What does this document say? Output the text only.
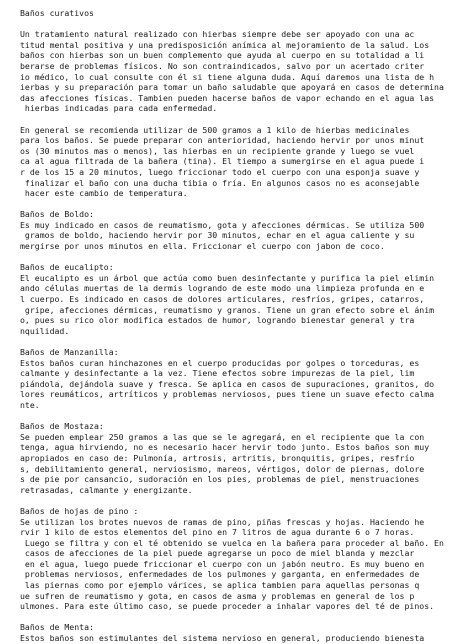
Baños curativos
Un tratamiento natural realizado con hierbas siempre debe ser apoyado con una ac
titud mental positiva y una predisposición anímica al mejoramiento de la salud. Los
baños con hierbas son un buen complemento que ayuda al cuerpo en su totalidad a li
berarse de problemas físicos. No son contraindicados, salvo por un acertado criter
io médico, lo cual consulte con él si tiene alguna duda. Aquí daremos una lista de h
ierbas y su preparación para tomar un baño saludable que apoyará en casos de determina
das afecciones físicas. Tambien pueden hacerse baños de vapor echando en el agua las
hierbas indicadas para cada enfermedad.
En general se recomienda utilizar de 500 gramos a 1 kilo de hierbas medicinales
para los baños. Se puede preparar con anterioridad, haciendo hervir por unos minut
os (30 minutos mas o menos), las hierbas en un recipiente grande y luego se vuel
ca al agua filtrada de la bañera (tina). El tiempo a sumergirse en el agua puede i
r de los 15 a 20 minutos, luego friccionar todo el cuerpo con una esponja suave y
finalizar el baño con una ducha tibia o fría. En algunos casos no es aconsejable
hacer este cambio de temperatura.
Baños de Boldo:
Es muy indicado en casos de reumatismo, gota y afecciones dérmicas. Se utiliza 500
gramos de boldo, haciendo hervir por 30 minutos, echar en el agua caliente y su
mergirse por unos minutos en ella. Friccionar el cuerpo con jabon de coco.
Baños de eucalipto:
El eucalipto es un árbol que actúa como buen desinfectante y purifica la piel elimin
ando células muertas de la dermis logrando de este modo una limpieza profunda en e
l cuerpo. Es indicado en casos de dolores articulares, resfríos, gripes, catarros,
gripe, afecciones dérmicas, reumatismo y granos. Tiene un gran efecto sobre el ánim
o, pues su rico olor modifica estados de humor, logrando bienestar general y tra
nquilidad.
Baños de Manzanilla:
Estos baños curan hinchazones en el cuerpo producidas por golpes o torceduras, es
calmante y desinfectante a la vez. Tiene efectos sobre impurezas de la piel, lim
piándola, dejándola suave y fresca. Se aplica en casos de supuraciones, granitos, do
lores reumáticos, artríticos y problemas nerviosos, pues tiene un suave efecto calma
nte.
Baños de Mostaza:
Se pueden emplear 250 gramos a las que se le agregará, en el recipiente que la con
tenga, agua hirviendo, no es necesario hacer hervir todo junto. Estos baños son muy
apropiados en caso de: Pulmonía, artrosis, artritis, bronquitis, gripes, resfrío
s, debilitamiento general, nerviosismo, mareos, vértigos, dolor de piernas, dolore
s de pie por cansancio, sudoración en los pies, problemas de piel, menstruaciones
retrasadas, calmante y energizante.
Baños de hojas de pino :
Se utilizan los brotes nuevos de ramas de pino, piñas frescas y hojas. Haciendo he
rvir 1 kilo de estos elementos del pino en 7 litros de agua durante 6 o 7 horas.
Luego se filtra y con el té obtenido se vuelca en la bañera para proceder al baño. En
casos de afecciones de la piel puede agregarse un poco de miel blanda y mezclar
en el agua, luego puede friccionar el cuerpo con un jabón neutro. Es muy bueno en
problemas nerviosos, enfermedades de los pulmones y garganta, en enfermedades de
las piernas como por ejemplo várices, se aplica tambien para aquellas personas q
ue sufren de reumatismo y gota, en casos de asma y problemas en general de los p
ulmones. Para este último caso, se puede proceder a inhalar vapores del té de pinos.
Baños de Menta:
Estos baños son estimulantes del sistema nervioso en general, produciendo bienesta
